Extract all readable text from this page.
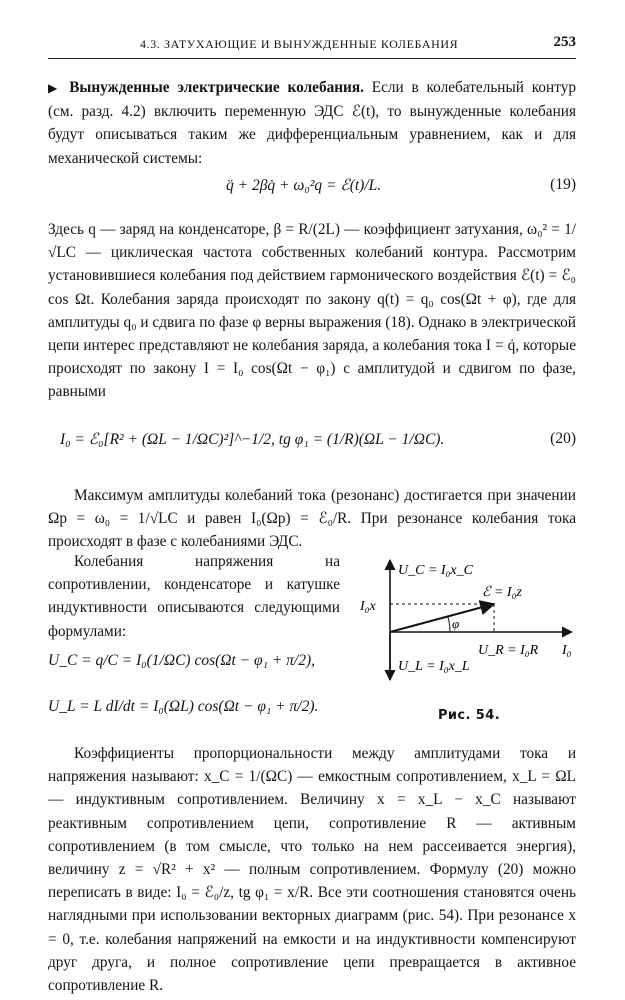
4.3. ЗАТУХАЮЩИЕ И ВЫНУЖДЕННЫЕ КОЛЕБАНИЯ	253

▶ Вынужденные электрические колебания. Если в колебательный контур (см. разд. 4.2) включить переменную ЭДС ℰ(t), то вынужденные колебания будут описываться таким же дифференциальным уравнением, как и для механической системы:

q̈ + 2βq̇ + ω₀²q = ℰ(t)/L.	(19)

Здесь q — заряд на конденсаторе, β = R/(2L) — коэффициент затухания, ω₀² = 1/√LC — циклическая частота собственных колебаний контура. Рассмотрим установившиеся колебания под действием гармонического воздействия ℰ(t) = ℰ₀ cos Ωt. Колебания заряда происходят по закону q(t) = q₀ cos(Ωt + φ), где для амплитуды q₀ и сдвига по фазе φ верны выражения (18). Однако в электрической цепи интерес представляют не колебания заряда, а колебания тока I = q̇, которые происходят по закону I = I₀ cos(Ωt − φ₁) с амплитудой и сдвигом по фазе, равными

I₀ = ℰ₀[R² + (ΩL − 1/ΩC)²]^−1/2, tg φ₁ = (1/R)(ΩL − 1/ΩC).	(20)

Максимум амплитуды колебаний тока (резонанс) достигается при значении Ωр = ω₀ = 1/√LC и равен I₀(Ωр) = ℰ₀/R. При резонансе колебания тока происходят в фазе с колебаниями ЭДС.

Колебания напряжения на сопротивлении, конденсаторе и катушке индуктивности описываются следующими формулами:

U_C = q/C = I₀(1/ΩC) cos(Ωt − φ₁ + π/2),
U_L = L dI/dt = I₀(ΩL) cos(Ωt − φ₁ + π/2).
U_C = I₀x_C
U_L = I₀x_L
U_R = I₀R
ℰ = I₀z
I₀x
I₀
φ
Рис. 54.

Коэффициенты пропорциональности между амплитудами тока и напряжения называют: x_C = 1/(ΩC) — емкостным сопротивлением, x_L = ΩL — индуктивным сопротивлением. Величину x = x_L − x_C называют реактивным сопротивлением цепи, сопротивление R — активным сопротивлением (в том смысле, что только на нем рассеивается энергия), величину z = √R² + x² — полным сопротивлением. Формулу (20) можно переписать в виде: I₀ = ℰ₀/z, tg φ₁ = x/R. Все эти соотношения становятся очень наглядными при использовании векторных диаграмм (рис. 54). При резонансе x = 0, т.е. колебания напряжений на емкости и на индуктивности компенсируют друг друга, и полное сопротивление цепи превращается в активное сопротивление R.
